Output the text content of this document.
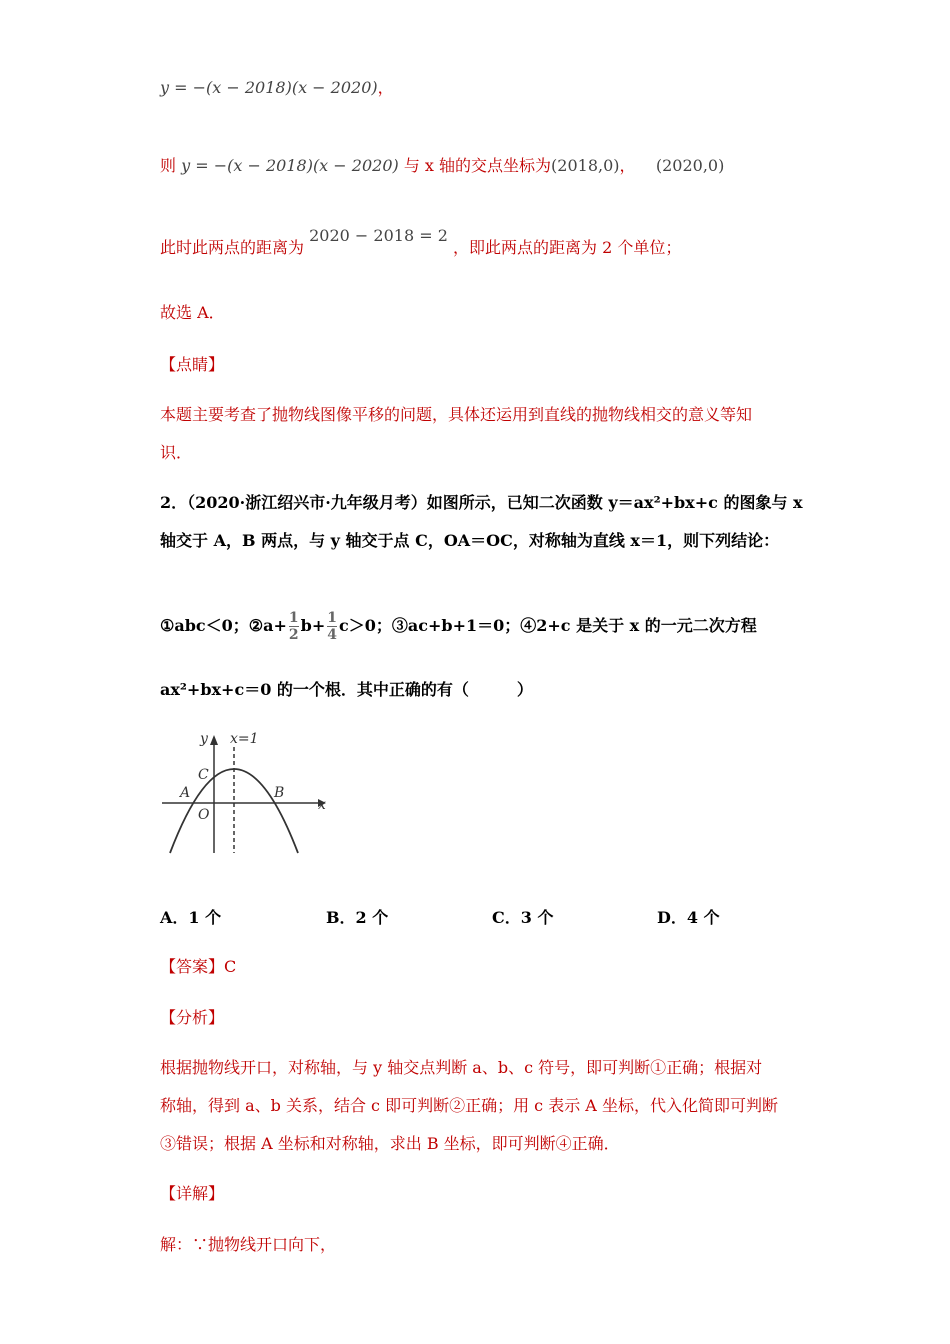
y = −(x − 2018)(x − 2020)，
则 y = −(x − 2018)(x − 2020) 与 x 轴的交点坐标为(2018,0)， (2020,0)
此时此两点的距离为 2020 − 2018 = 2 ，即此两点的距离为 2 个单位；
故选 A．
【点睛】
本题主要考查了抛物线图像平移的问题，具体还运用到直线的抛物线相交的意义等知
识．
2．（2020·浙江绍兴市·九年级月考）如图所示，已知二次函数 y＝ax²+bx+c 的图象与 x
轴交于 A，B 两点，与 y 轴交于点 C，OA＝OC，对称轴为直线 x＝1，则下列结论：
①abc＜0；②a+ $\frac{1}{2} b+ \frac{1}{4} c>0$；③ac+b+1＝0；④2+c 是关于 x 的一元二次方程
ax²+bx+c＝0 的一个根．其中正确的有（　　　）
y x=1
C
A	B
O
x
A．1 个	B．2 个	C．3 个	D．4 个
【答案】C
【分析】
根据抛物线开口，对称轴，与 y 轴交点判断 a、b、c 符号，即可判断①正确；根据对
称轴，得到 a、b 关系，结合 c 即可判断②正确；用 c 表示 A 坐标，代入化简即可判断
③错误；根据 A 坐标和对称轴，求出 B 坐标，即可判断④正确．
【详解】
解：∵抛物线开口向下，
